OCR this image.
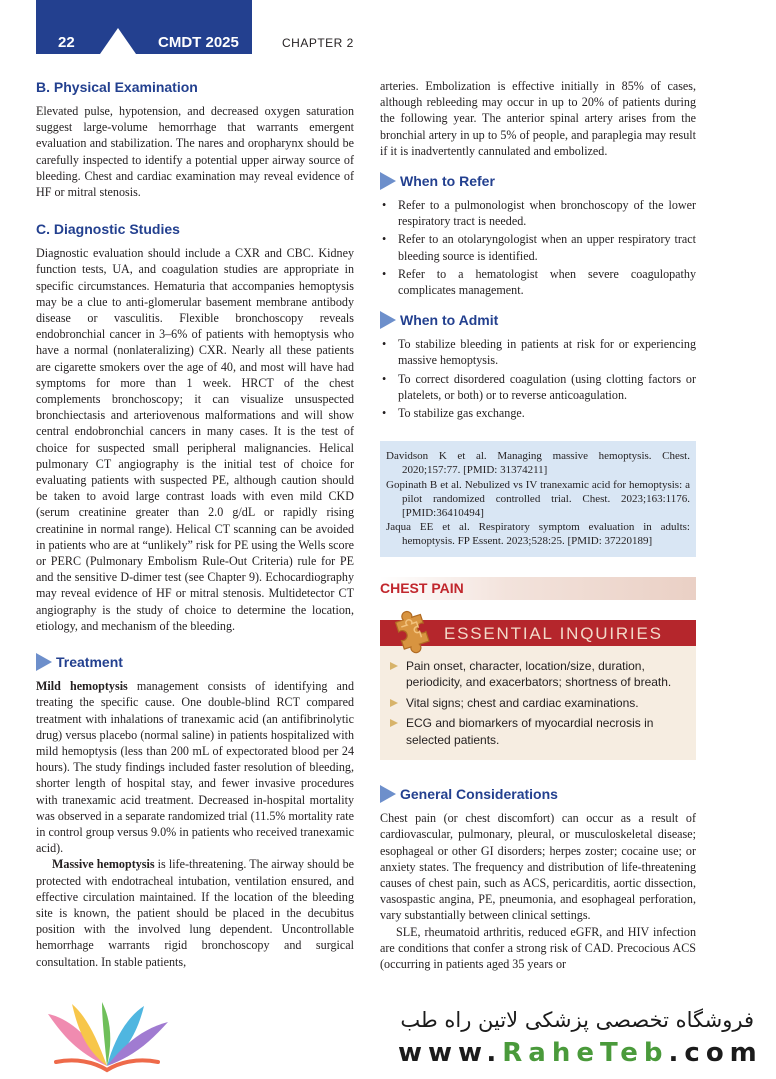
22	CMDT 2025	CHAPTER 2
B. Physical Examination

Elevated pulse, hypotension, and decreased oxygen saturation suggest large-volume hemorrhage that warrants emergent evaluation and stabilization. The nares and oropharynx should be carefully inspected to identify a potential upper airway source of bleeding. Chest and cardiac examination may reveal evidence of HF or mitral stenosis.

C. Diagnostic Studies

Diagnostic evaluation should include a CXR and CBC. Kidney function tests, UA, and coagulation studies are appropriate in specific circumstances. Hematuria that accompanies hemoptysis may be a clue to anti-glomerular basement membrane antibody disease or vasculitis. Flexible bronchoscopy reveals endobronchial cancer in 3–6% of patients with hemoptysis who have a normal (nonlateralizing) CXR. Nearly all these patients are cigarette smokers over the age of 40, and most will have had symptoms for more than 1 week. HRCT of the chest complements bronchoscopy; it can visualize unsuspected bronchiectasis and arteriovenous malformations and will show central endobronchial cancers in many cases. It is the test of choice for suspected small peripheral malignancies. Helical pulmonary CT angiography is the initial test of choice for evaluating patients with suspected PE, although caution should be taken to avoid large contrast loads with even mild CKD (serum creatinine greater than 2.0 g/dL or rapidly rising creatinine in normal range). Helical CT scanning can be avoided in patients who are at “unlikely” risk for PE using the Wells score or PERC (Pulmonary Embolism Rule-Out Criteria) rule for PE and the sensitive D-dimer test (see Chapter 9). Echocardiography may reveal evidence of HF or mitral stenosis. Multidetector CT angiography is the study of choice to determine the location, etiology, and mechanism of the bleeding.

Treatment

Mild hemoptysis management consists of identifying and treating the specific cause. One double-blind RCT compared treatment with inhalations of tranexamic acid (an antifibrinolytic drug) versus placebo (normal saline) in patients hospitalized with mild hemoptysis (less than 200 mL of expectorated blood per 24 hours). The study findings included faster resolution of bleeding, shorter length of hospital stay, and fewer invasive procedures with tranexamic acid treatment. Decreased in-hospital mortality was observed in a separate randomized trial (11.5% mortality rate in control group versus 9.0% in patients who received tranexamic acid).

Massive hemoptysis is life-threatening. The airway should be protected with endotracheal intubation, ventilation ensured, and effective circulation maintained. If the location of the bleeding site is known, the patient should be placed in the decubitus position with the involved lung dependent. Uncontrollable hemorrhage warrants rigid bronchoscopy and surgical consultation. In stable patients,

arteries. Embolization is effective initially in 85% of cases, although rebleeding may occur in up to 20% of patients during the following year. The anterior spinal artery arises from the bronchial artery in up to 5% of people, and paraplegia may result if it is inadvertently cannulated and embolized.

When to Refer
• Refer to a pulmonologist when bronchoscopy of the lower respiratory tract is needed.
• Refer to an otolaryngologist when an upper respiratory tract bleeding source is identified.
• Refer to a hematologist when severe coagulopathy complicates management.
When to Admit
• To stabilize bleeding in patients at risk for or experiencing massive hemoptysis.
• To correct disordered coagulation (using clotting factors or platelets, or both) or to reverse anticoagulation.
• To stabilize gas exchange.
Davidson K et al. Managing massive hemoptysis. Chest. 2020;157:77. [PMID: 31374211]
Gopinath B et al. Nebulized vs IV tranexamic acid for hemoptysis: a pilot randomized controlled trial. Chest. 2023;163:1176. [PMID:36410494]
Jaqua EE et al. Respiratory symptom evaluation in adults: hemoptysis. FP Essent. 2023;528:25. [PMID: 37220189]
CHEST PAIN
ESSENTIAL INQUIRIES
Pain onset, character, location/size, duration, periodicity, and exacerbators; shortness of breath.
Vital signs; chest and cardiac examinations.
ECG and biomarkers of myocardial necrosis in selected patients.
General Considerations

Chest pain (or chest discomfort) can occur as a result of cardiovascular, pulmonary, pleural, or musculoskeletal disease; esophageal or other GI disorders; herpes zoster; cocaine use; or anxiety states. The frequency and distribution of life-threatening causes of chest pain, such as ACS, pericarditis, aortic dissection, vasospastic angina, PE, pneumonia, and esophageal perforation, vary substantially between clinical settings.

SLE, rheumatoid arthritis, reduced eGFR, and HIV infection are conditions that confer a strong risk of CAD. Precocious ACS (occurring in patients aged 35 years or

فروشگاه تخصصی پزشکی لاتین راه طب
www.RaheTeb.com
